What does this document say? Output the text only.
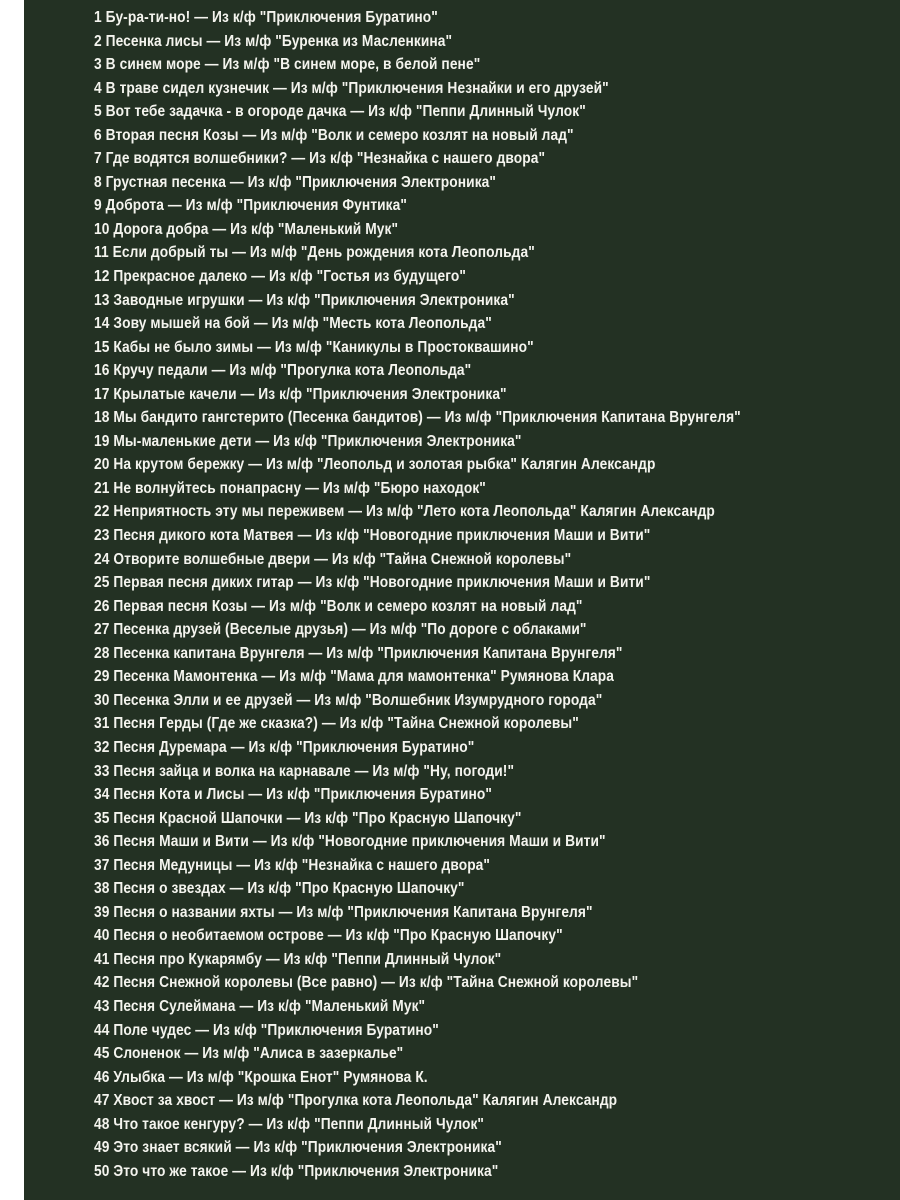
1 Бу-ра-ти-но! — Из к/ф "Приключения Буратино"
2 Песенка лисы — Из м/ф "Буренка из Масленкина"
3 В синем море — Из м/ф "В синем море, в белой пене"
4 В траве сидел кузнечик — Из м/ф "Приключения Незнайки и его друзей"
5 Вот тебе задачка - в огороде дачка — Из к/ф "Пеппи Длинный Чулок"
6 Вторая песня Козы — Из м/ф "Волк и семеро козлят на новый лад"
7 Где водятся волшебники? — Из к/ф "Незнайка с нашего двора"
8 Грустная песенка — Из к/ф "Приключения Электроника"
9 Доброта — Из м/ф "Приключения Фунтика"
10 Дорога добра — Из к/ф "Маленький Мук"
11 Если добрый ты — Из м/ф "День рождения кота Леопольда"
12 Прекрасное далеко — Из к/ф "Гостья из будущего"
13 Заводные игрушки — Из к/ф "Приключения Электроника"
14 Зову мышей на бой — Из м/ф "Месть кота Леопольда"
15 Кабы не было зимы — Из м/ф "Каникулы в Простоквашино"
16 Кручу педали — Из м/ф "Прогулка кота Леопольда"
17 Крылатые качели — Из к/ф "Приключения Электроника"
18 Мы бандито гангстерито (Песенка бандитов) — Из м/ф "Приключения Капитана Врунгеля"
19 Мы-маленькие дети — Из к/ф "Приключения Электроника"
20 На крутом бережку — Из м/ф "Леопольд и золотая рыбка" Калягин Александр
21 Не волнуйтесь понапрасну — Из м/ф "Бюро находок"
22 Неприятность эту мы переживем — Из м/ф "Лето кота Леопольда" Калягин Александр
23 Песня дикого кота Матвея — Из к/ф "Новогодние приключения Маши и Вити"
24 Отворите волшебные двери — Из к/ф "Тайна Снежной королевы"
25 Первая песня диких гитар — Из к/ф "Новогодние приключения Маши и Вити"
26 Первая песня Козы — Из м/ф "Волк и семеро козлят на новый лад"
27 Песенка друзей (Веселые друзья) — Из м/ф "По дороге с облаками"
28 Песенка капитана Врунгеля — Из м/ф "Приключения Капитана Врунгеля"
29 Песенка Мамонтенка — Из м/ф "Мама для мамонтенка" Румянова Клара
30 Песенка Элли и ее друзей — Из м/ф "Волшебник Изумрудного города"
31 Песня Герды (Где же сказка?) — Из к/ф "Тайна Снежной королевы"
32 Песня Дуремара — Из к/ф "Приключения Буратино"
33 Песня зайца и волка на карнавале — Из м/ф "Ну, погоди!"
34 Песня Кота и Лисы — Из к/ф "Приключения Буратино"
35 Песня Красной Шапочки — Из к/ф "Про Красную Шапочку"
36 Песня Маши и Вити — Из к/ф "Новогодние приключения Маши и Вити"
37 Песня Медуницы — Из к/ф "Незнайка с нашего двора"
38 Песня о звездах — Из к/ф "Про Красную Шапочку"
39 Песня о названии яхты — Из м/ф "Приключения Капитана Врунгеля"
40 Песня о необитаемом острове — Из к/ф "Про Красную Шапочку"
41 Песня про Кукарямбу — Из к/ф "Пеппи Длинный Чулок"
42 Песня Снежной королевы (Все равно) — Из к/ф "Тайна Снежной королевы"
43 Песня Сулеймана — Из к/ф "Маленький Мук"
44 Поле чудес — Из к/ф "Приключения Буратино"
45 Слоненок — Из м/ф "Алиса в зазеркалье"
46 Улыбка — Из м/ф "Крошка Енот" Румянова К.
47 Хвост за хвост — Из м/ф "Прогулка кота Леопольда" Калягин Александр
48 Что такое кенгуру? — Из к/ф "Пеппи Длинный Чулок"
49 Это знает всякий — Из к/ф "Приключения Электроника"
50 Это что же такое — Из к/ф "Приключения Электроника"
